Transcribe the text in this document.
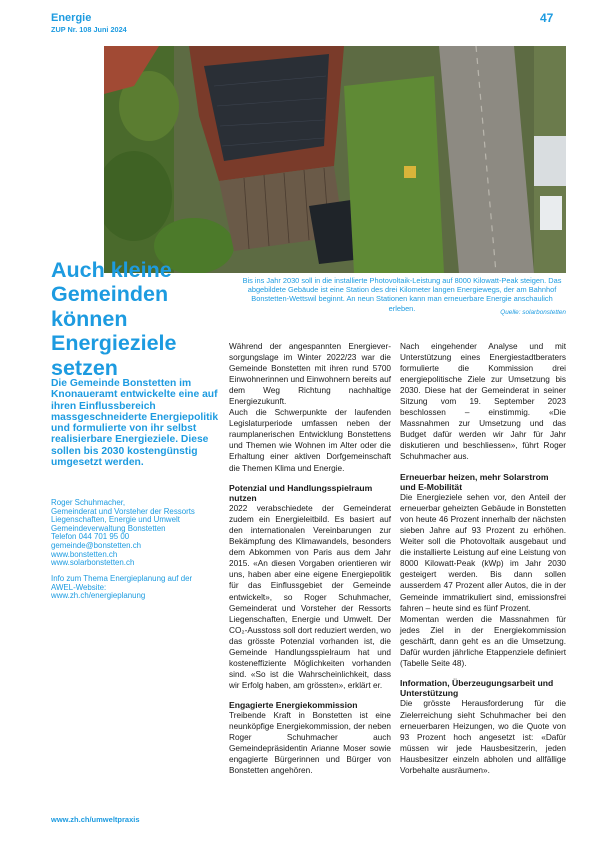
Energie
ZUP Nr. 108 Juni 2024
47
Bis ins Jahr 2030 soll in die installierte Photovoltaik-Leistung auf 8000 Kilowatt-Peak steigen. Das abgebildete Gebäude ist eine Station des drei Kilometer langen Energiewegs, der am Bahnhof Bonstetten-Wettswil beginnt. An neun Stationen kann man erneuerbare Energie anschaulich erleben.	Quelle: solarbonstetten
Auch kleine Gemeinden können Energieziele setzen
Die Gemeinde Bonstetten im Knonaueramt entwickelte eine auf ihren Einflussbereich massgeschneiderte Energiepolitik und formulierte von ihr selbst realisierbare Energieziele. Diese sollen bis 2030 kostengünstig umgesetzt werden.
Roger Schuhmacher,
Gemeinderat und Vorsteher der Ressorts
Liegenschaften, Energie und Umwelt
Gemeindeverwaltung Bonstetten
Telefon 044 701 95 00
gemeinde@bonstetten.ch
www.bonstetten.ch
www.solarbonstetten.ch
Info zum Thema Energieplanung auf der
AWEL-Website:
www.zh.ch/energieplanung

Während der angespannten Energieversorgungslage im Winter 2022/23 war die Gemeinde Bonstetten mit ihren rund 5700 Einwohnerinnen und Einwohnern bereits auf dem Weg Richtung nachhaltige Energiezukunft.

Auch die Schwerpunkte der laufenden Legislaturperiode umfassen neben der raumplanerischen Entwicklung Bonstettens und Themen wie Wohnen im Alter oder die Erhaltung einer aktiven Dorfgemeinschaft die Themen Klima und Energie.

Potenzial und Handlungsspielraum nutzen

2022 verabschiedete der Gemeinderat zudem ein Energieleitbild. Es basiert auf den internationalen Vereinbarungen zur Bekämpfung des Klimawandels, besonders dem Abkommen von Paris aus dem Jahr 2015. «An diesen Vorgaben orientieren wir uns, haben aber eine eigene Energiepolitik für das Einflussgebiet der Gemeinde entwickelt», so Roger Schuhmacher, Gemeinderat und Vorsteher der Ressorts Liegenschaften, Energie und Umwelt. Der CO₂-Ausstoss soll dort reduziert werden, wo das grösste Potenzial vorhanden ist, die Gemeinde Handlungsspielraum hat und kosteneffiziente Möglichkeiten vorhanden sind. «So ist die Wahrscheinlichkeit, dass wir Erfolg haben, am grössten», erklärt er.

Engagierte Energiekommission

Treibende Kraft in Bonstetten ist eine neunköpfige Energiekommission, der neben Roger Schuhmacher auch Gemeindepräsidentin Arianne Moser sowie engagierte Bürgerinnen und Bürger von Bonstetten angehören.

Nach eingehender Analyse und mit Unterstützung eines Energiestadtberaters formulierte die Kommission drei energiepolitische Ziele zur Umsetzung bis 2030. Diese hat der Gemeinderat in seiner Sitzung vom 19. September 2023 beschlossen – einstimmig. «Die Massnahmen zur Umsetzung und das Budget dafür werden wir Jahr für Jahr diskutieren und beschliessen», führt Roger Schuhmacher aus.

Erneuerbar heizen, mehr Solarstrom und E-Mobilität

Die Energieziele sehen vor, den Anteil der erneuerbar geheizten Gebäude in Bonstetten von heute 46 Prozent innerhalb der nächsten sieben Jahre auf 93 Prozent zu erhöhen. Weiter soll die Photovoltaik ausgebaut und die installierte Leistung auf eine Leistung von 8000 Kilowatt-Peak (kWp) im Jahr 2030 gesteigert werden. Bis dann sollen ausserdem 47 Prozent aller Autos, die in der Gemeinde immatrikuliert sind, emissionsfrei fahren – heute sind es fünf Prozent.

Momentan werden die Massnahmen für jedes Ziel in der Energiekommission geschärft, dann geht es an die Umsetzung. Dafür wurden jährliche Etappenziele definiert (Tabelle Seite 48).

Information, Überzeugungsarbeit und Unterstützung

Die grösste Herausforderung für die Zielerreichung sieht Schuhmacher bei den erneuerbaren Heizungen, wo die Quote von 93 Prozent hoch angesetzt ist: «Dafür müssen wir jede Hausbesitzerin, jeden Hausbesitzer einzeln abholen und allfällige Vorbehalte ausräumen».

www.zh.ch/umweltpraxis
